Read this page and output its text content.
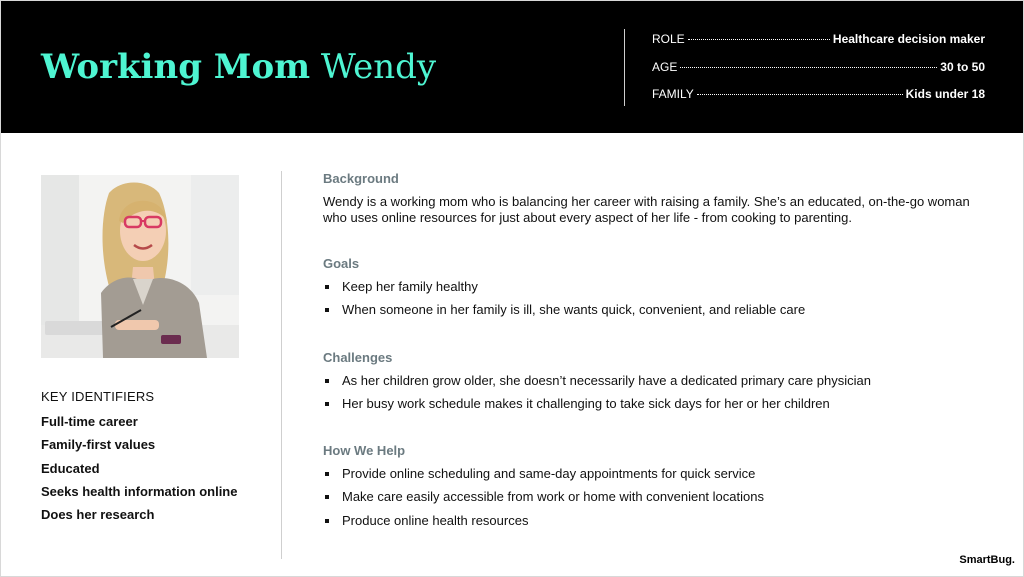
Working Mom Wendy
ROLE	Healthcare decision maker
AGE	30 to 50
FAMILY	Kids under 18
KEY IDENTIFIERS
Full-time career
Family-first values
Educated
Seeks health information online
Does her research
Background

Wendy is a working mom who is balancing her career with raising a family. She’s an educated, on-the-go woman who uses online resources for just about every aspect of her life - from cooking to parenting.

Goals
Keep her family healthy
When someone in her family is ill, she wants quick, convenient, and reliable care
Challenges
As her children grow older, she doesn’t necessarily have a dedicated primary care physician
Her busy work schedule makes it challenging to take sick days for her or her children
How We Help
Provide online scheduling and same-day appointments for quick service
Make care easily accessible from work or home with convenient locations
Produce online health resources
SmartBug.
